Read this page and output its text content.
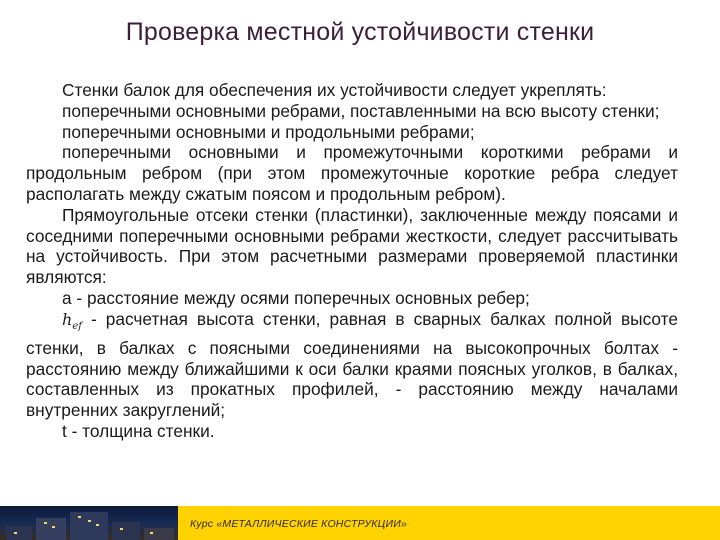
Проверка местной устойчивости стенки

Стенки балок для обеспечения их устойчивости следует укреплять:

поперечными основными ребрами, поставленными на всю высоту стенки;

поперечными основными и продольными ребрами;

поперечными основными и промежуточными короткими ребрами и продольным ребром (при этом промежуточные короткие ребра следует располагать между сжатым поясом и продольным ребром).

Прямоугольные отсеки стенки (пластинки), заключенные между поясами и соседними поперечными основными ребрами жесткости, следует рассчитывать на устойчивость. При этом расчетными размерами проверяемой пластинки являются:

а - расстояние между осями поперечных основных ребер;

$h_{ef}$ - расчетная высота стенки, равная в сварных балках полной высоте стенки, в балках с поясными соединениями на высокопрочных болтах - расстоянию между ближайшими к оси балки краями поясных уголков, в балках, составленных из прокатных профилей, - расстоянию между началами внутренних закруглений;

t - толщина стенки.

Курс «МЕТАЛЛИЧЕСКИЕ КОНСТРУКЦИИ»
